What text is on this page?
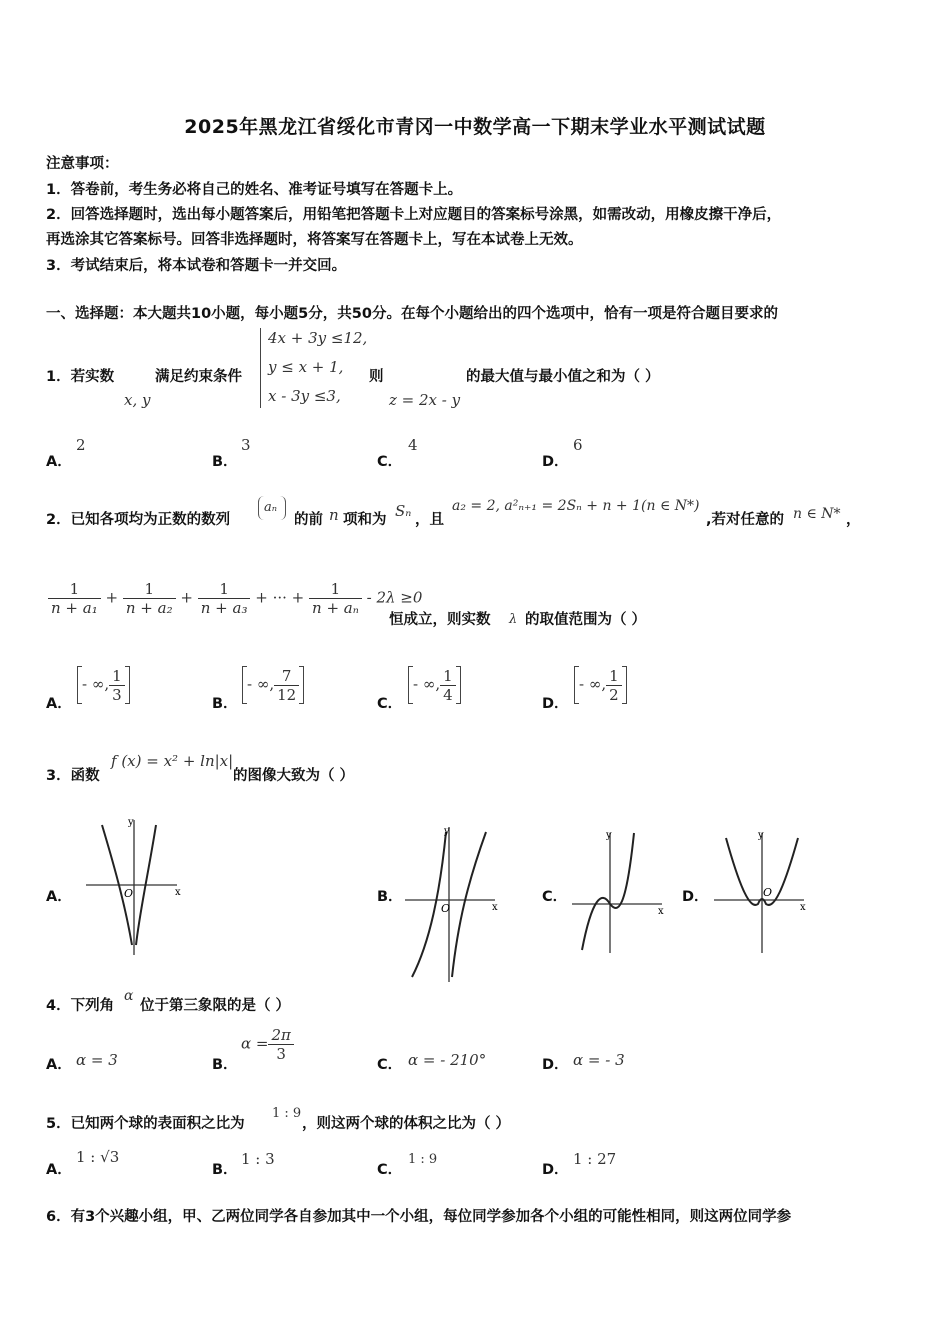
2025年黑龙江省绥化市青冈一中数学高一下期末学业水平测试试题
注意事项：
1．答卷前，考生务必将自己的姓名、准考证号填写在答题卡上。
2．回答选择题时，选出每小题答案后，用铅笔把答题卡上对应题目的答案标号涂黑，如需改动，用橡皮擦干净后，
再选涂其它答案标号。回答非选择题时，将答案写在答题卡上，写在本试卷上无效。
3．考试结束后，将本试卷和答题卡一并交回。
一、选择题：本大题共10小题，每小题5分，共50分。在每个小题给出的四个选项中，恰有一项是符合题目要求的
1．若实数
x, y
满足约束条件
4x + 3y ≤12,
y ≤ x + 1,
x - 3y ≤3,
则
z = 2x - y
的最大值与最小值之和为（ ）
A．
2
B．
3
C．
4
D．
6
2．已知各项均为正数的数列
aₙ
的前 n 项和为 Sₙ ，且
a₂ = 2, a²ₙ₊₁ = 2Sₙ + n + 1(n ∈ N*)
,若对任意的 n ∈ N* ，
$\frac{1}{\text{n + a₁}} + \frac{1}{\text{n + a₂}} + \frac{1}{\text{n + a₃}}$ + ··· + $\frac{1}{\text{n + aₙ}} - 2\lambda \ge 0$
恒成立，则实数 λ 的取值范围为（ ）
A．
- ∞, $\frac{1}{3}$
B．
- ∞, $\frac{7}{12}$
C．
- ∞, $\frac{1}{4}$
D．
- ∞, $\frac{1}{2}$
3．函数
f (x) = x² + ln|x|
的图像大致为（ ）
A．	x
y
O	B．
x
y
O
C．
x
y
D．
x
y
O
4．下列角
α
位于第三象限的是（ ）
A． α = 3	B．
$\alpha = \frac{2\pi}{3}$
C． α = - 210°	D． α = - 3
5．已知两个球的表面积之比为
1 : 9
，则这两个球的体积之比为（ ）
A．
1 : √3
B．
1 : 3
C．
1 : 9
D．
1 : 27
6．有3个兴趣小组，甲、乙两位同学各自参加其中一个小组，每位同学参加各个小组的可能性相同，则这两位同学参
